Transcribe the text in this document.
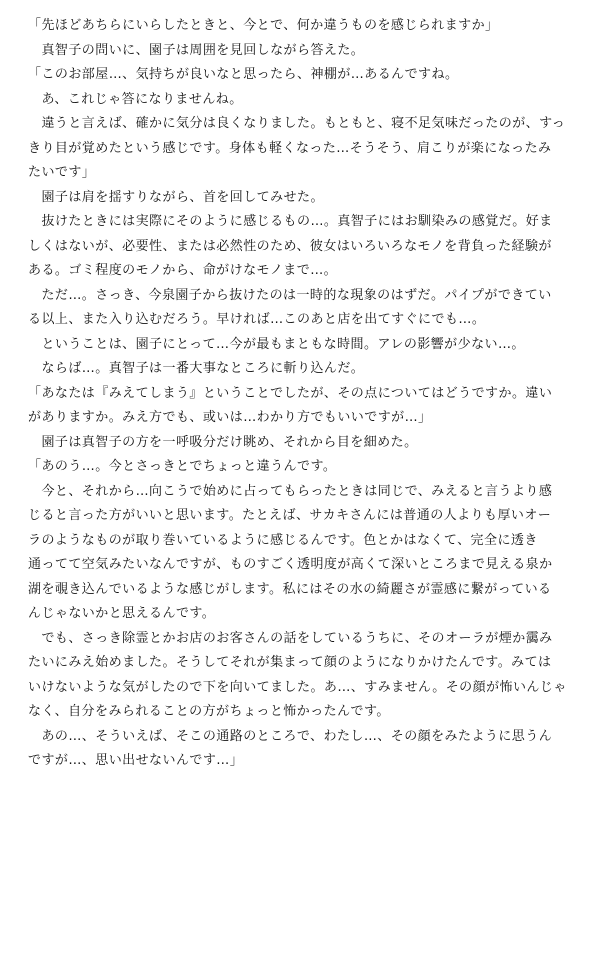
「先ほどあちらにいらしたときと、今とで、何か違うものを感じられますか」
　真智子の問いに、園子は周囲を見回しながら答えた。
「このお部屋…、気持ちが良いなと思ったら、神棚が…あるんですね。
　あ、これじゃ答になりませんね。
　違うと言えば、確かに気分は良くなりました。もともと、寝不足気味だったのが、すっ
きり目が覚めたという感じです。身体も軽くなった…そうそう、肩こりが楽になったみ
たいです」
　園子は肩を揺すりながら、首を回してみせた。
　抜けたときには実際にそのように感じるもの…。真智子にはお馴染みの感覚だ。好ま
しくはないが、必要性、または必然性のため、彼女はいろいろなモノを背負った経験が
ある。ゴミ程度のモノから、命がけなモノまで…。
　ただ…。さっき、今泉園子から抜けたのは一時的な現象のはずだ。パイプができてい
る以上、また入り込むだろう。早ければ…このあと店を出てすぐにでも…。
　ということは、園子にとって…今が最もまともな時間。アレの影響が少ない…。
　ならば…。真智子は一番大事なところに斬り込んだ。
「あなたは『みえてしまう』ということでしたが、その点についてはどうですか。違い
がありますか。みえ方でも、或いは…わかり方でもいいですが…」
　園子は真智子の方を一呼吸分だけ眺め、それから目を細めた。
「あのう…。今とさっきとでちょっと違うんです。
　今と、それから…向こうで始めに占ってもらったときは同じで、みえると言うより感
じると言った方がいいと思います。たとえば、サカキさんには普通の人よりも厚いオー
ラのようなものが取り巻いているように感じるんです。色とかはなくて、完全に透き
通ってて空気みたいなんですが、ものすごく透明度が高くて深いところまで見える泉か
湖を覗き込んでいるような感じがします。私にはその水の綺麗さが霊感に繋がっている
んじゃないかと思えるんです。
　でも、さっき除霊とかお店のお客さんの話をしているうちに、そのオーラが煙か靄み
たいにみえ始めました。そうしてそれが集まって顔のようになりかけたんです。みては
いけないような気がしたので下を向いてました。あ…、すみません。その顔が怖いんじゃ
なく、自分をみられることの方がちょっと怖かったんです。
　あの…、そういえば、そこの通路のところで、わたし…、その顔をみたように思うん
ですが…、思い出せないんです…」
